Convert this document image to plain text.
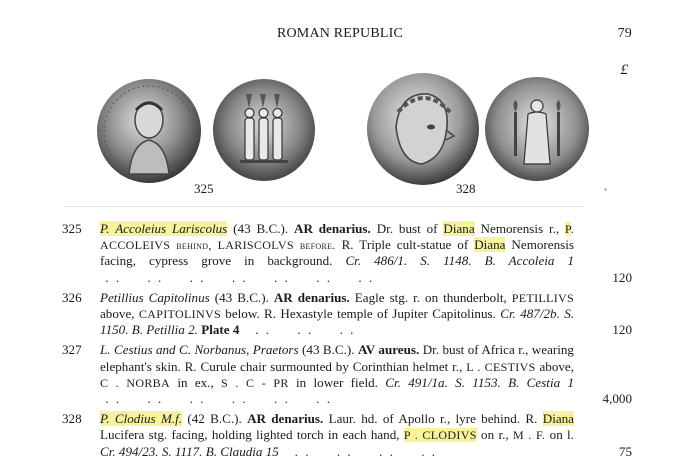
ROMAN REPUBLIC	79
£
325	328
325 P. Accoleius Lariscolus (43 B.C.). AR denarius. Dr. bust of Diana Nemorensis r., P. ACCOLEIVS behind, LARISCOLVS before. R. Triple cult-statue of Diana Nemorensis facing, cypress grove in background. Cr. 486/1. S. 1148. B. Accoleia 1 . .     . .     . .     . .     . .     . .     . .	120
326 Petillius Capitolinus (43 B.C.). AR denarius. Eagle stg. r. on thunderbolt, PETILLIVS above, CAPITOLINVS below. R. Hexastyle temple of Jupiter Capitolinus. Cr. 487/2b. S. 1150. B. Petillia 2. Plate 4   . .     . .     . .	120
327 L. Cestius and C. Norbanus, Praetors (43 B.C.). AV aureus. Dr. bust of Africa r., wearing elephant's skin. R. Curule chair surmounted by Corinthian helmet r., L . CESTIVS above, C . NORBA in ex., S . C - PR in lower field. Cr. 491/1a. S. 1153. B. Cestia 1 . .     . .     . .     . .     . .     . .	4,000
328 P. Clodius M.f. (42 B.C.). AR denarius. Laur. hd. of Apollo r., lyre behind. R. Diana Lucifera stg. facing, holding lighted torch in each hand, P . CLODIVS on r., M . F. on l. Cr. 494/23. S. 1117. B. Claudia 15   . .     . .     . .     . .	75
